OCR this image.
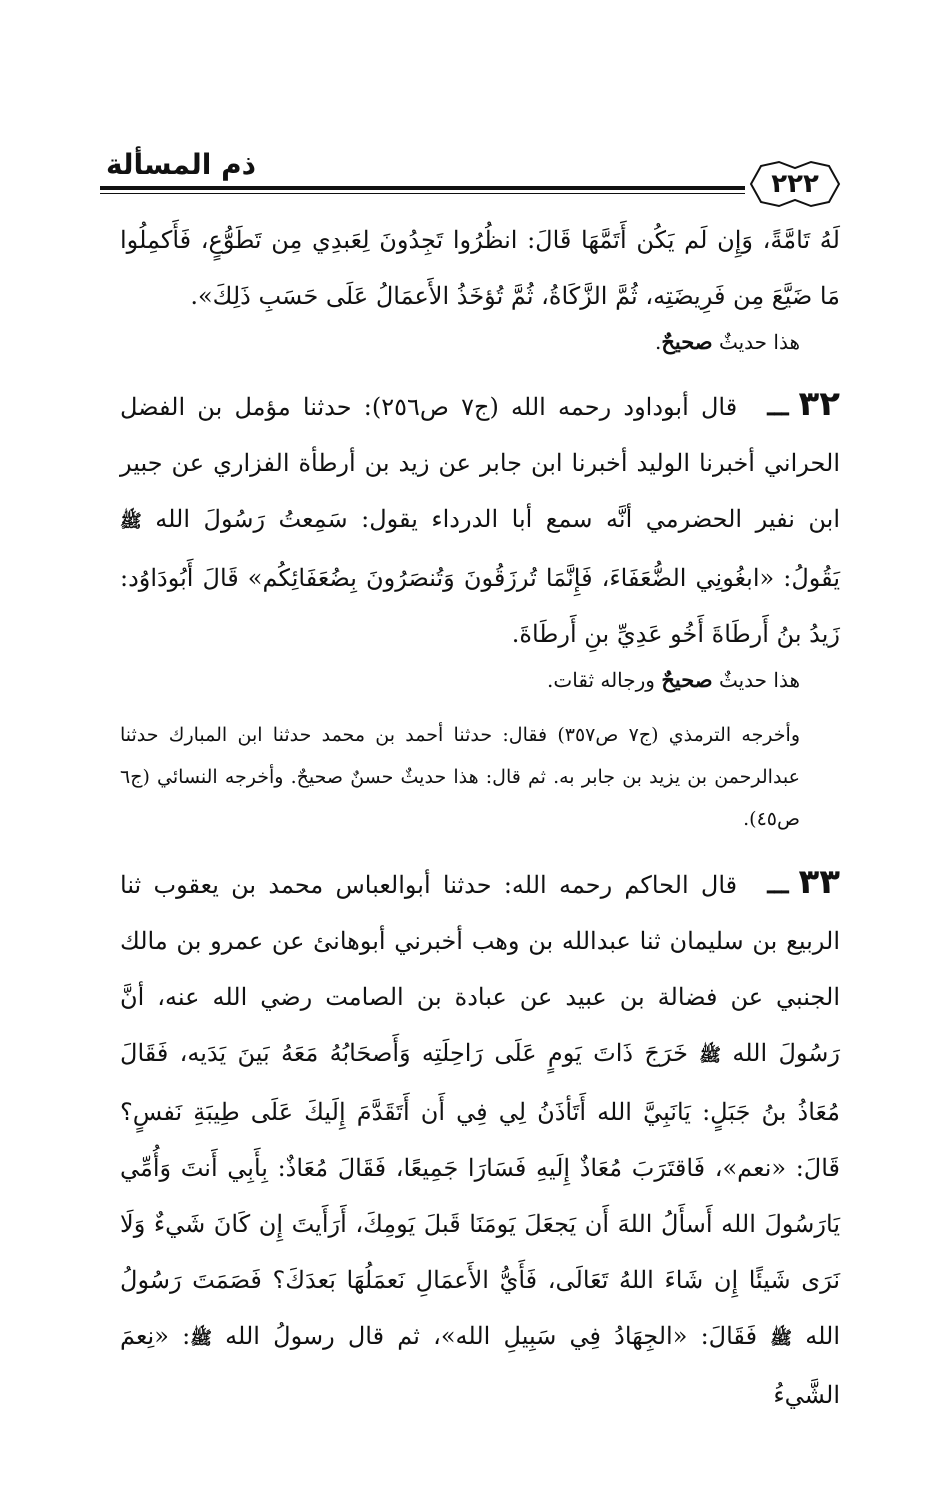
ذم المسألة
٢٢٢

لَهُ تَامَّةً، وَإِن لَم يَكُن أَتَمَّهَا قَالَ: انظُرُوا تَجِدُونَ لِعَبدِي مِن تَطَوُّعٍ، فَأَكمِلُوا مَا ضَيَّعَ مِن فَرِيضَتِه، ثُمَّ الزَّكَاةُ، ثُمَّ تُؤخَذُ الأَعمَالُ عَلَى حَسَبِ ذَلِكَ».

هذا حديثٌ صحيحٌ.

٣٢ـــ قال أبوداود رحمه الله (ج٧ ص٢٥٦): حدثنا مؤمل بن الفضل الحراني أخبرنا الوليد أخبرنا ابن جابر عن زيد بن أرطأة الفزاري عن جبير ابن نفير الحضرمي أنَّه سمع أبا الدرداء يقول: سَمِعتُ رَسُولَ الله ﷺ يَقُولُ: «ابغُونِي الضُّعَفَاءَ، فَإِنَّمَا تُرزَقُونَ وَتُنصَرُونَ بِضُعَفَائِكُم» قَالَ أَبُودَاوُد: زَيدُ بنُ أَرطَاةَ أَخُو عَدِيِّ بنِ أَرطَاةَ.

هذا حديثٌ صحيحٌ ورجاله ثقات.

وأخرجه الترمذي (ج٧ ص٣٥٧) فقال: حدثنا أحمد بن محمد حدثنا ابن المبارك حدثنا عبدالرحمن بن يزيد بن جابر به. ثم قال: هذا حديثٌ حسنٌ صحيحٌ. وأخرجه النسائي (ج٦ ص٤٥).

٣٣ـــ قال الحاكم رحمه الله: حدثنا أبوالعباس محمد بن يعقوب ثنا الربيع بن سليمان ثنا عبدالله بن وهب أخبرني أبوهانئ عن عمرو بن مالك الجنبي عن فضالة بن عبيد عن عبادة بن الصامت رضي الله عنه، أنَّ رَسُولَ الله ﷺ خَرَجَ ذَاتَ يَومٍ عَلَى رَاحِلَتِه وَأَصحَابُهُ مَعَهُ بَينَ يَدَيه، فَقَالَ مُعَاذُ بنُ جَبَلٍ: يَانَبِيَّ الله أَتَأذَنُ لِي فِي أَن أَتَقَدَّمَ إِلَيكَ عَلَى طِيبَةِ نَفسٍ؟ قَالَ: «نعم»، فَاقتَرَبَ مُعَاذٌ إِلَيهِ فَسَارَا جَمِيعًا، فَقَالَ مُعَاذٌ: بِأَبِي أَنتَ وَأُمِّي يَارَسُولَ الله أَسأَلُ اللهَ أَن يَجعَلَ يَومَنَا قَبلَ يَومِكَ، أَرَأَيتَ إِن كَانَ شَيءٌ وَلَا نَرَى شَيئًا إِن شَاءَ اللهُ تَعَالَى، فَأَيُّ الأَعمَالِ نَعمَلُهَا بَعدَكَ؟ فَصَمَتَ رَسُولُ الله ﷺ فَقَالَ: «الجِهَادُ فِي سَبِيلِ الله»، ثم قال رسولُ الله ﷺ: «نِعمَ الشَّيءُ
